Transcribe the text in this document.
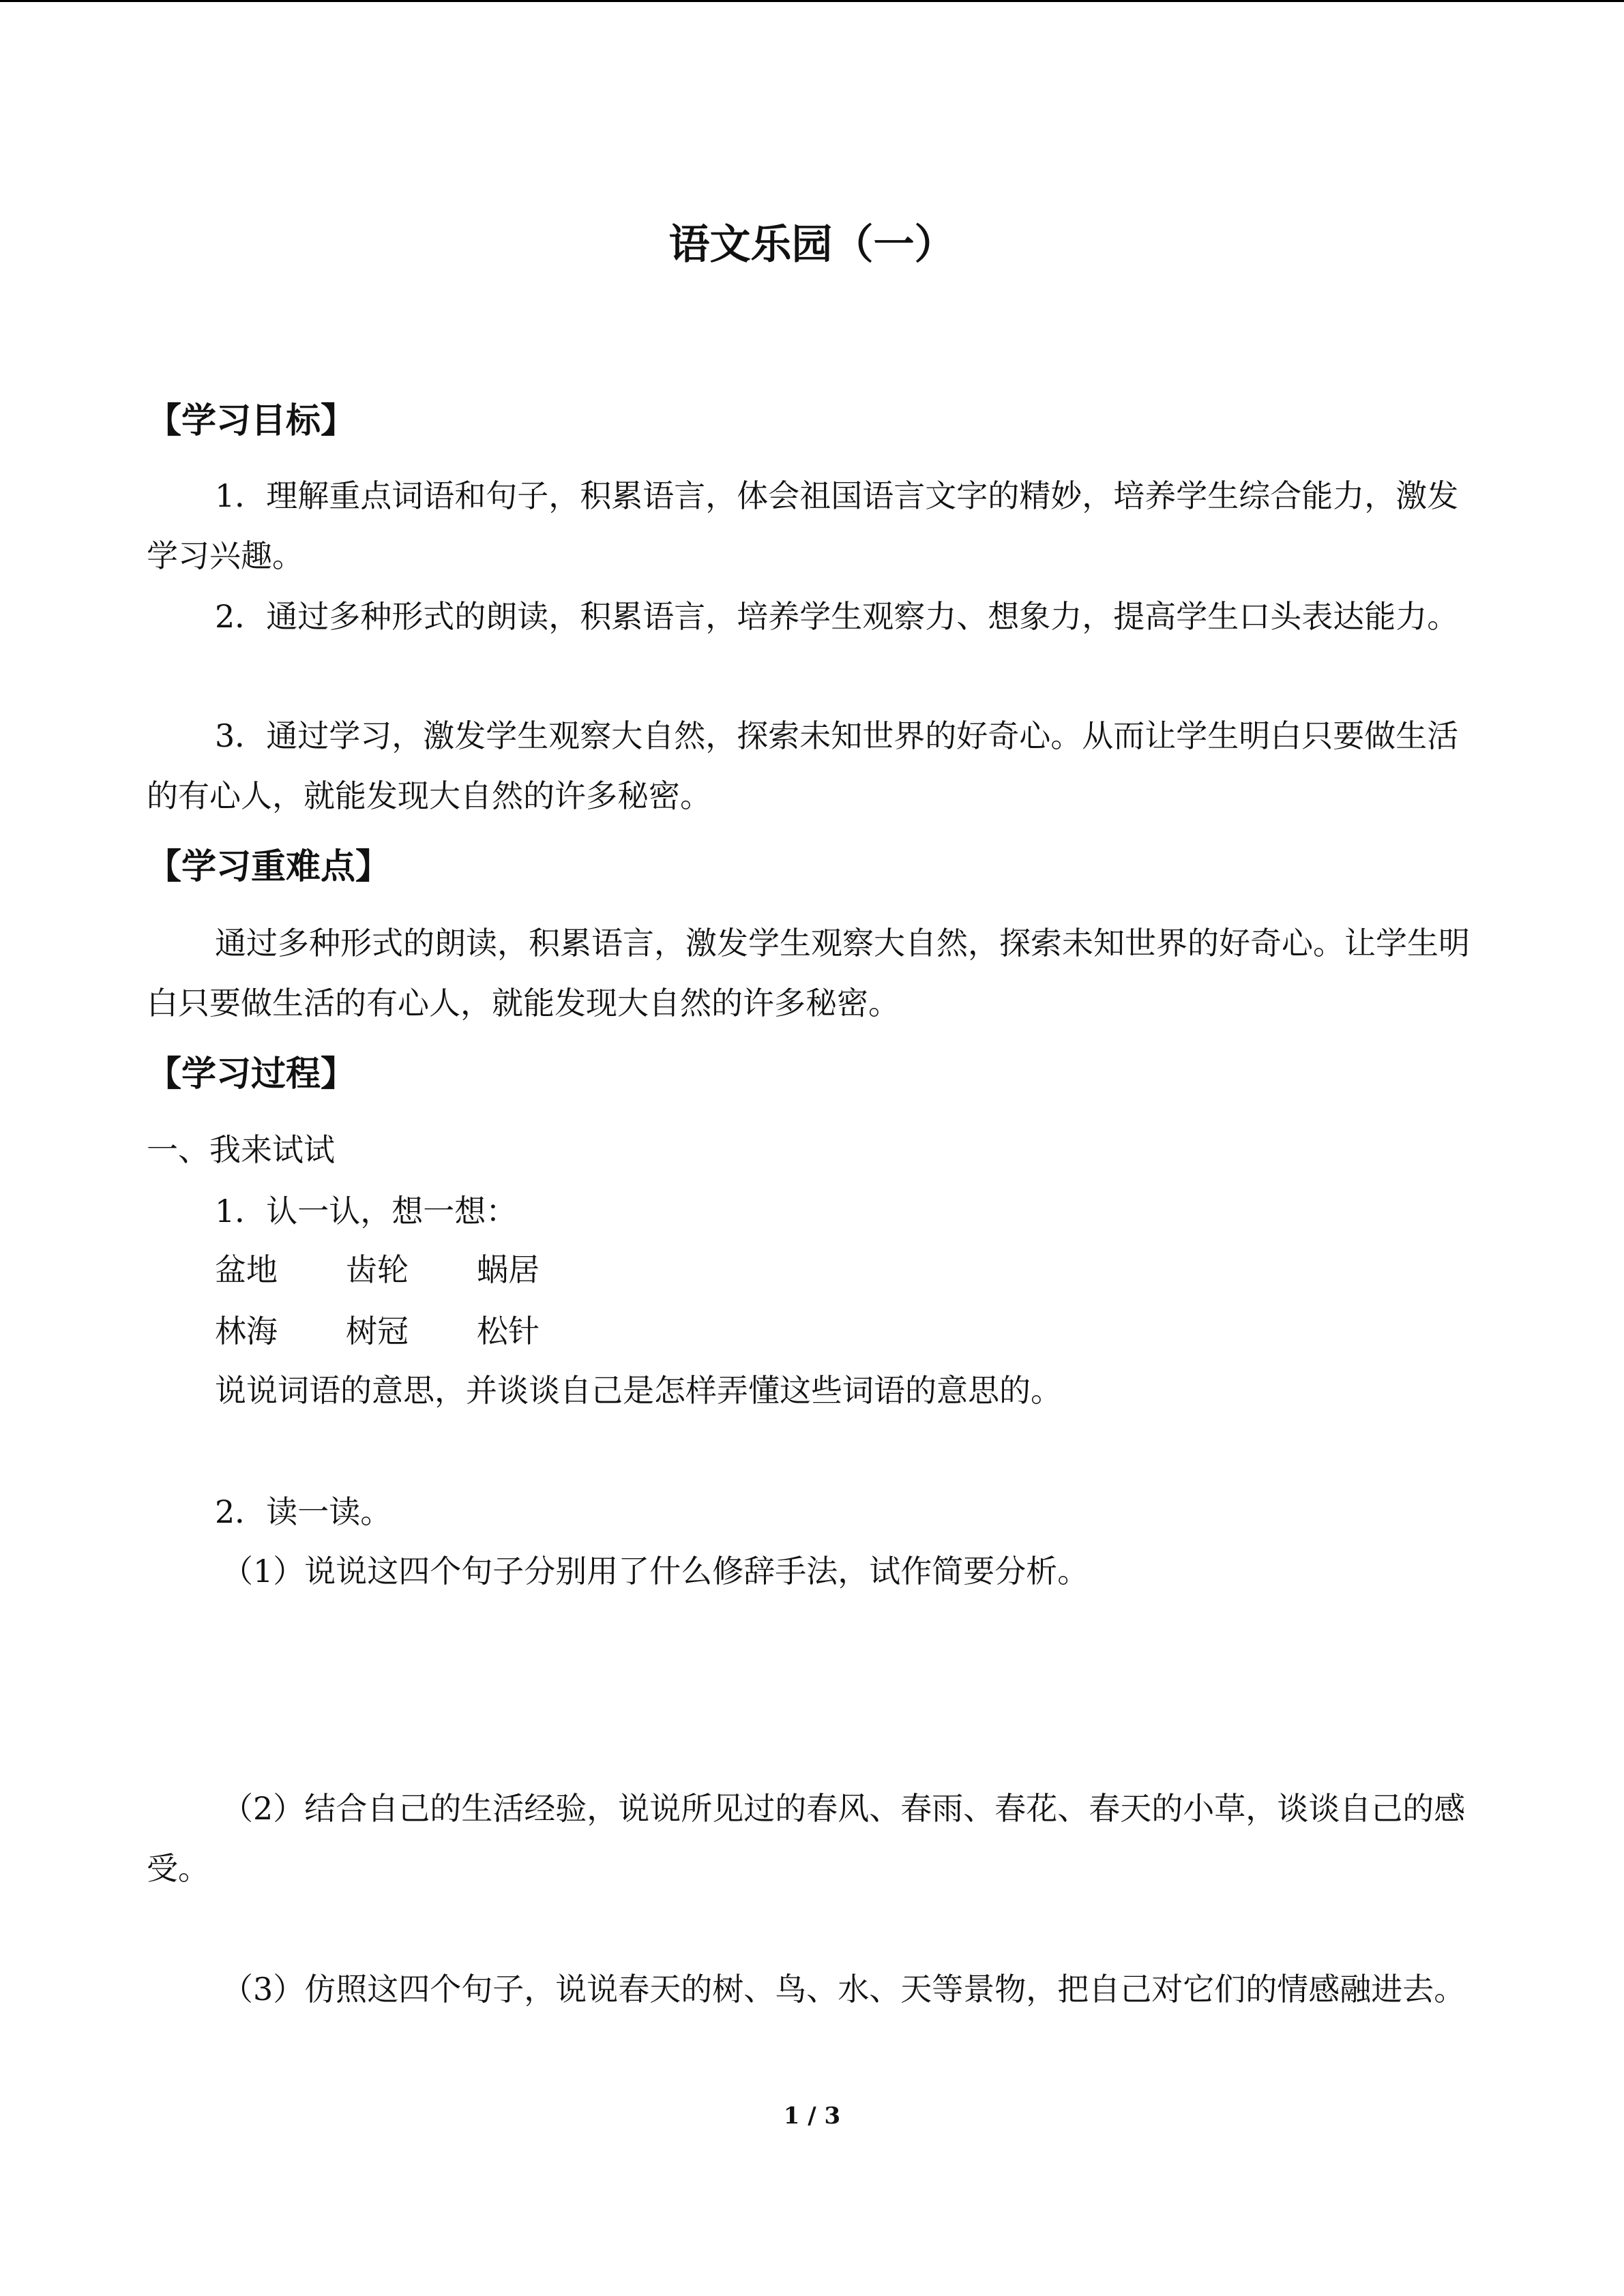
语文乐园（一）
【学习目标】
1．理解重点词语和句子，积累语言，体会祖国语言文字的精妙，培养学生综合能力，激发学习兴趣。
2．通过多种形式的朗读，积累语言，培养学生观察力、想象力，提高学生口头表达能力。
3．通过学习，激发学生观察大自然，探索未知世界的好奇心。从而让学生明白只要做生活的有心人，就能发现大自然的许多秘密。
【学习重难点】
通过多种形式的朗读，积累语言，激发学生观察大自然，探索未知世界的好奇心。让学生明白只要做生活的有心人，就能发现大自然的许多秘密。
【学习过程】
一、我来试试
1．认一认，想一想：
盆地 齿轮 蜗居
林海 树冠 松针
说说词语的意思，并谈谈自己是怎样弄懂这些词语的意思的。
2．读一读。
（1）说说这四个句子分别用了什么修辞手法，试作简要分析。
（2）结合自己的生活经验，说说所见过的春风、春雨、春花、春天的小草，谈谈自己的感受。
（3）仿照这四个句子，说说春天的树、鸟、水、天等景物，把自己对它们的情感融进去。
1 / 3
